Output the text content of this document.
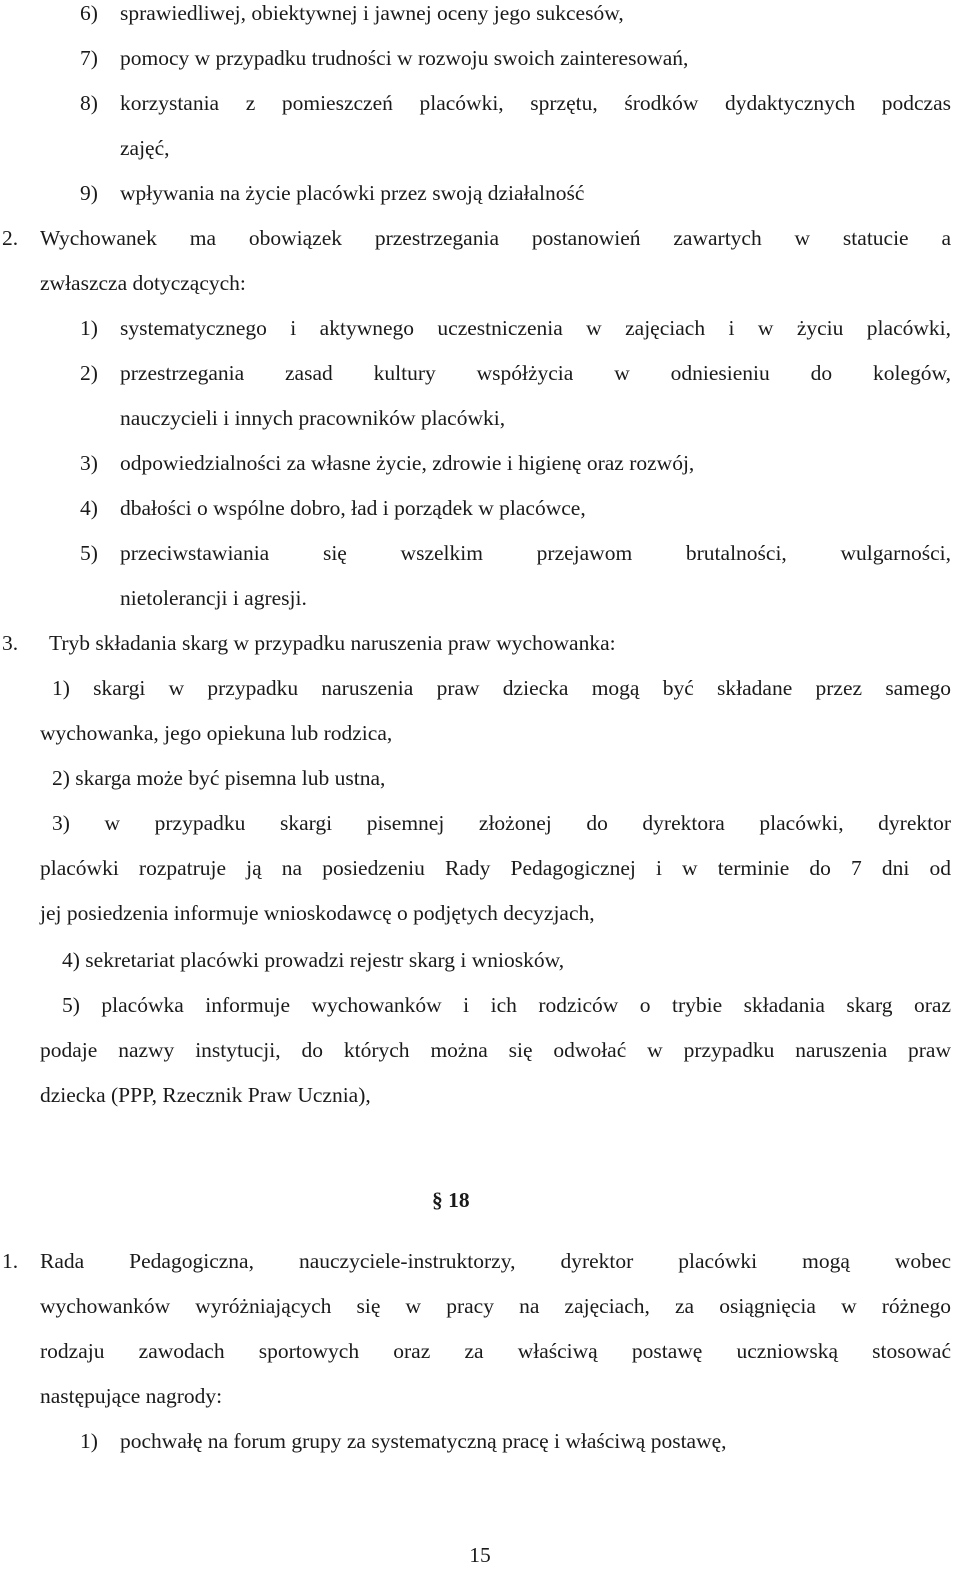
6) sprawiedliwej, obiektywnej i jawnej oceny jego sukcesów,
7) pomocy w przypadku trudności w rozwoju swoich zainteresowań,
8) korzystania z pomieszczeń placówki, sprzętu, środków dydaktycznych podczas
zajęć,
9) wpływania na życie placówki przez swoją działalność
2. Wychowanek ma obowiązek przestrzegania postanowień zawartych w statucie a
zwłaszcza dotyczących:
1) systematycznego i aktywnego uczestniczenia w zajęciach i w życiu placówki,
2) przestrzegania zasad kultury współżycia w odniesieniu do kolegów,
nauczycieli i innych pracowników placówki,
3) odpowiedzialności za własne życie, zdrowie i higienę oraz rozwój,
4) dbałości o wspólne dobro, ład i porządek w placówce,
5) przeciwstawiania się wszelkim przejawom brutalności, wulgarności,
nietolerancji i agresji.
3. Tryb składania skarg w przypadku naruszenia praw wychowanka:
1) skargi w przypadku naruszenia praw dziecka mogą być składane przez samego
wychowanka, jego opiekuna lub rodzica,
2) skarga może być pisemna lub ustna,
3) w przypadku skargi pisemnej złożonej do dyrektora placówki, dyrektor
placówki rozpatruje ją na posiedzeniu Rady Pedagogicznej i w terminie do 7 dni od
jej posiedzenia informuje wnioskodawcę o podjętych decyzjach,
4) sekretariat placówki prowadzi rejestr skarg i wniosków,
5) placówka informuje wychowanków i ich rodziców o trybie składania skarg oraz
podaje nazwy instytucji, do których można się odwołać w przypadku naruszenia praw
dziecka (PPP, Rzecznik Praw Ucznia),
§ 18
1. Rada Pedagogiczna, nauczyciele-instruktorzy, dyrektor placówki mogą wobec
wychowanków wyróżniających się w pracy na zajęciach, za osiągnięcia w różnego
rodzaju zawodach sportowych oraz za właściwą postawę uczniowską stosować
następujące nagrody:
1) pochwałę na forum grupy za systematyczną pracę i właściwą postawę,
15
